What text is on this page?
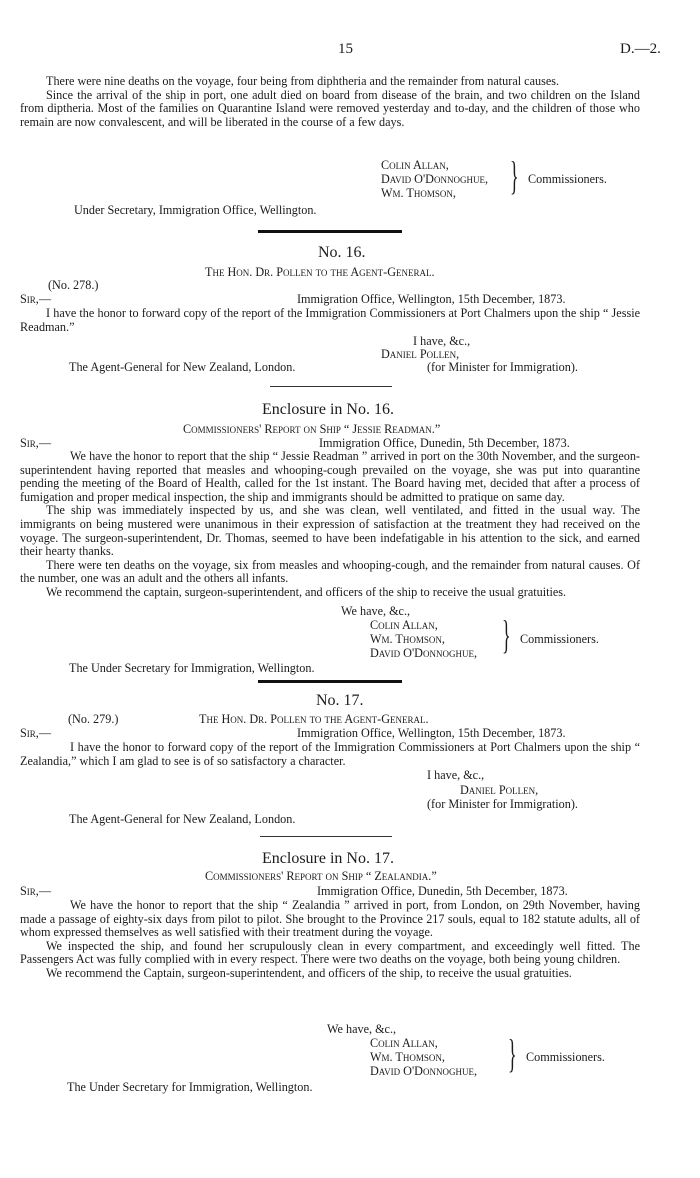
15	D.—2.

There were nine deaths on the voyage, four being from diphtheria and the remainder from natural causes.

Since the arrival of the ship in port, one adult died on board from disease of the brain, and two children on the Island from diptheria. Most of the families on Quarantine Island were removed yesterday and to-day, and the children of those who remain are now convalescent, and will be liberated in the course of a few days.

Colin Allan,
David O'Donnoghue,
Wm. Thomson, } Commissioners.
Under Secretary, Immigration Office, Wellington.
No. 16.
The Hon. Dr. Pollen to the Agent-General.
(No. 278.)
Sir,—	Immigration Office, Wellington, 15th December, 1873.
I have the honor to forward copy of the report of the Immigration Commissioners at Port Chalmers upon the ship “ Jessie Readman.”
I have, &c.,
Daniel Pollen,
The Agent-General for New Zealand, London.	(for Minister for Immigration).
Enclosure in No. 16.
Commissioners' Report on Ship “ Jessie Readman.”
Sir,—	Immigration Office, Dunedin, 5th December, 1873.

We have the honor to report that the ship “ Jessie Readman ” arrived in port on the 30th November, and the surgeon-superintendent having reported that measles and whooping-cough prevailed on the voyage, she was put into quarantine pending the meeting of the Board of Health, called for the 1st instant. The Board having met, decided that after a process of fumigation and proper medical inspection, the ship and immigrants should be admitted to pratique on same day.

The ship was immediately inspected by us, and she was clean, well ventilated, and fitted in the usual way. The immigrants on being mustered were unanimous in their expression of satisfaction at the treatment they had received on the voyage. The surgeon-superintendent, Dr. Thomas, seemed to have been indefatigable in his attention to the sick, and earned their hearty thanks.

There were ten deaths on the voyage, six from measles and whooping-cough, and the remainder from natural causes. Of the number, one was an adult and the others all infants.

We recommend the captain, surgeon-superintendent, and officers of the ship to receive the usual gratuities.

We have, &c.,
Colin Allan,
Wm. Thomson,
David O'Donnoghue, } Commissioners.
The Under Secretary for Immigration, Wellington.
No. 17.
(No. 279.)	The Hon. Dr. Pollen to the Agent-General.
Sir,—	Immigration Office, Wellington, 15th December, 1873.
I have the honor to forward copy of the report of the Immigration Commissioners at Port Chalmers upon the ship “ Zealandia,” which I am glad to see is of so satisfactory a character.
I have, &c.,
Daniel Pollen,
(for Minister for Immigration).
The Agent-General for New Zealand, London.
Enclosure in No. 17.
Commissioners' Report on Ship “ Zealandia.”
Sir,—	Immigration Office, Dunedin, 5th December, 1873.

We have the honor to report that the ship “ Zealandia ” arrived in port, from London, on 29th November, having made a passage of eighty-six days from pilot to pilot. She brought to the Province 217 souls, equal to 182 statute adults, all of whom expressed themselves as well satisfied with their treatment during the voyage.

We inspected the ship, and found her scrupulously clean in every compartment, and exceedingly well fitted. The Passengers Act was fully complied with in every respect. There were two deaths on the voyage, both being young children.

We recommend the Captain, surgeon-superintendent, and officers of the ship, to receive the usual gratuities.

We have, &c.,
Colin Allan,
Wm. Thomson,
David O'Donnoghue, } Commissioners.
The Under Secretary for Immigration, Wellington.
